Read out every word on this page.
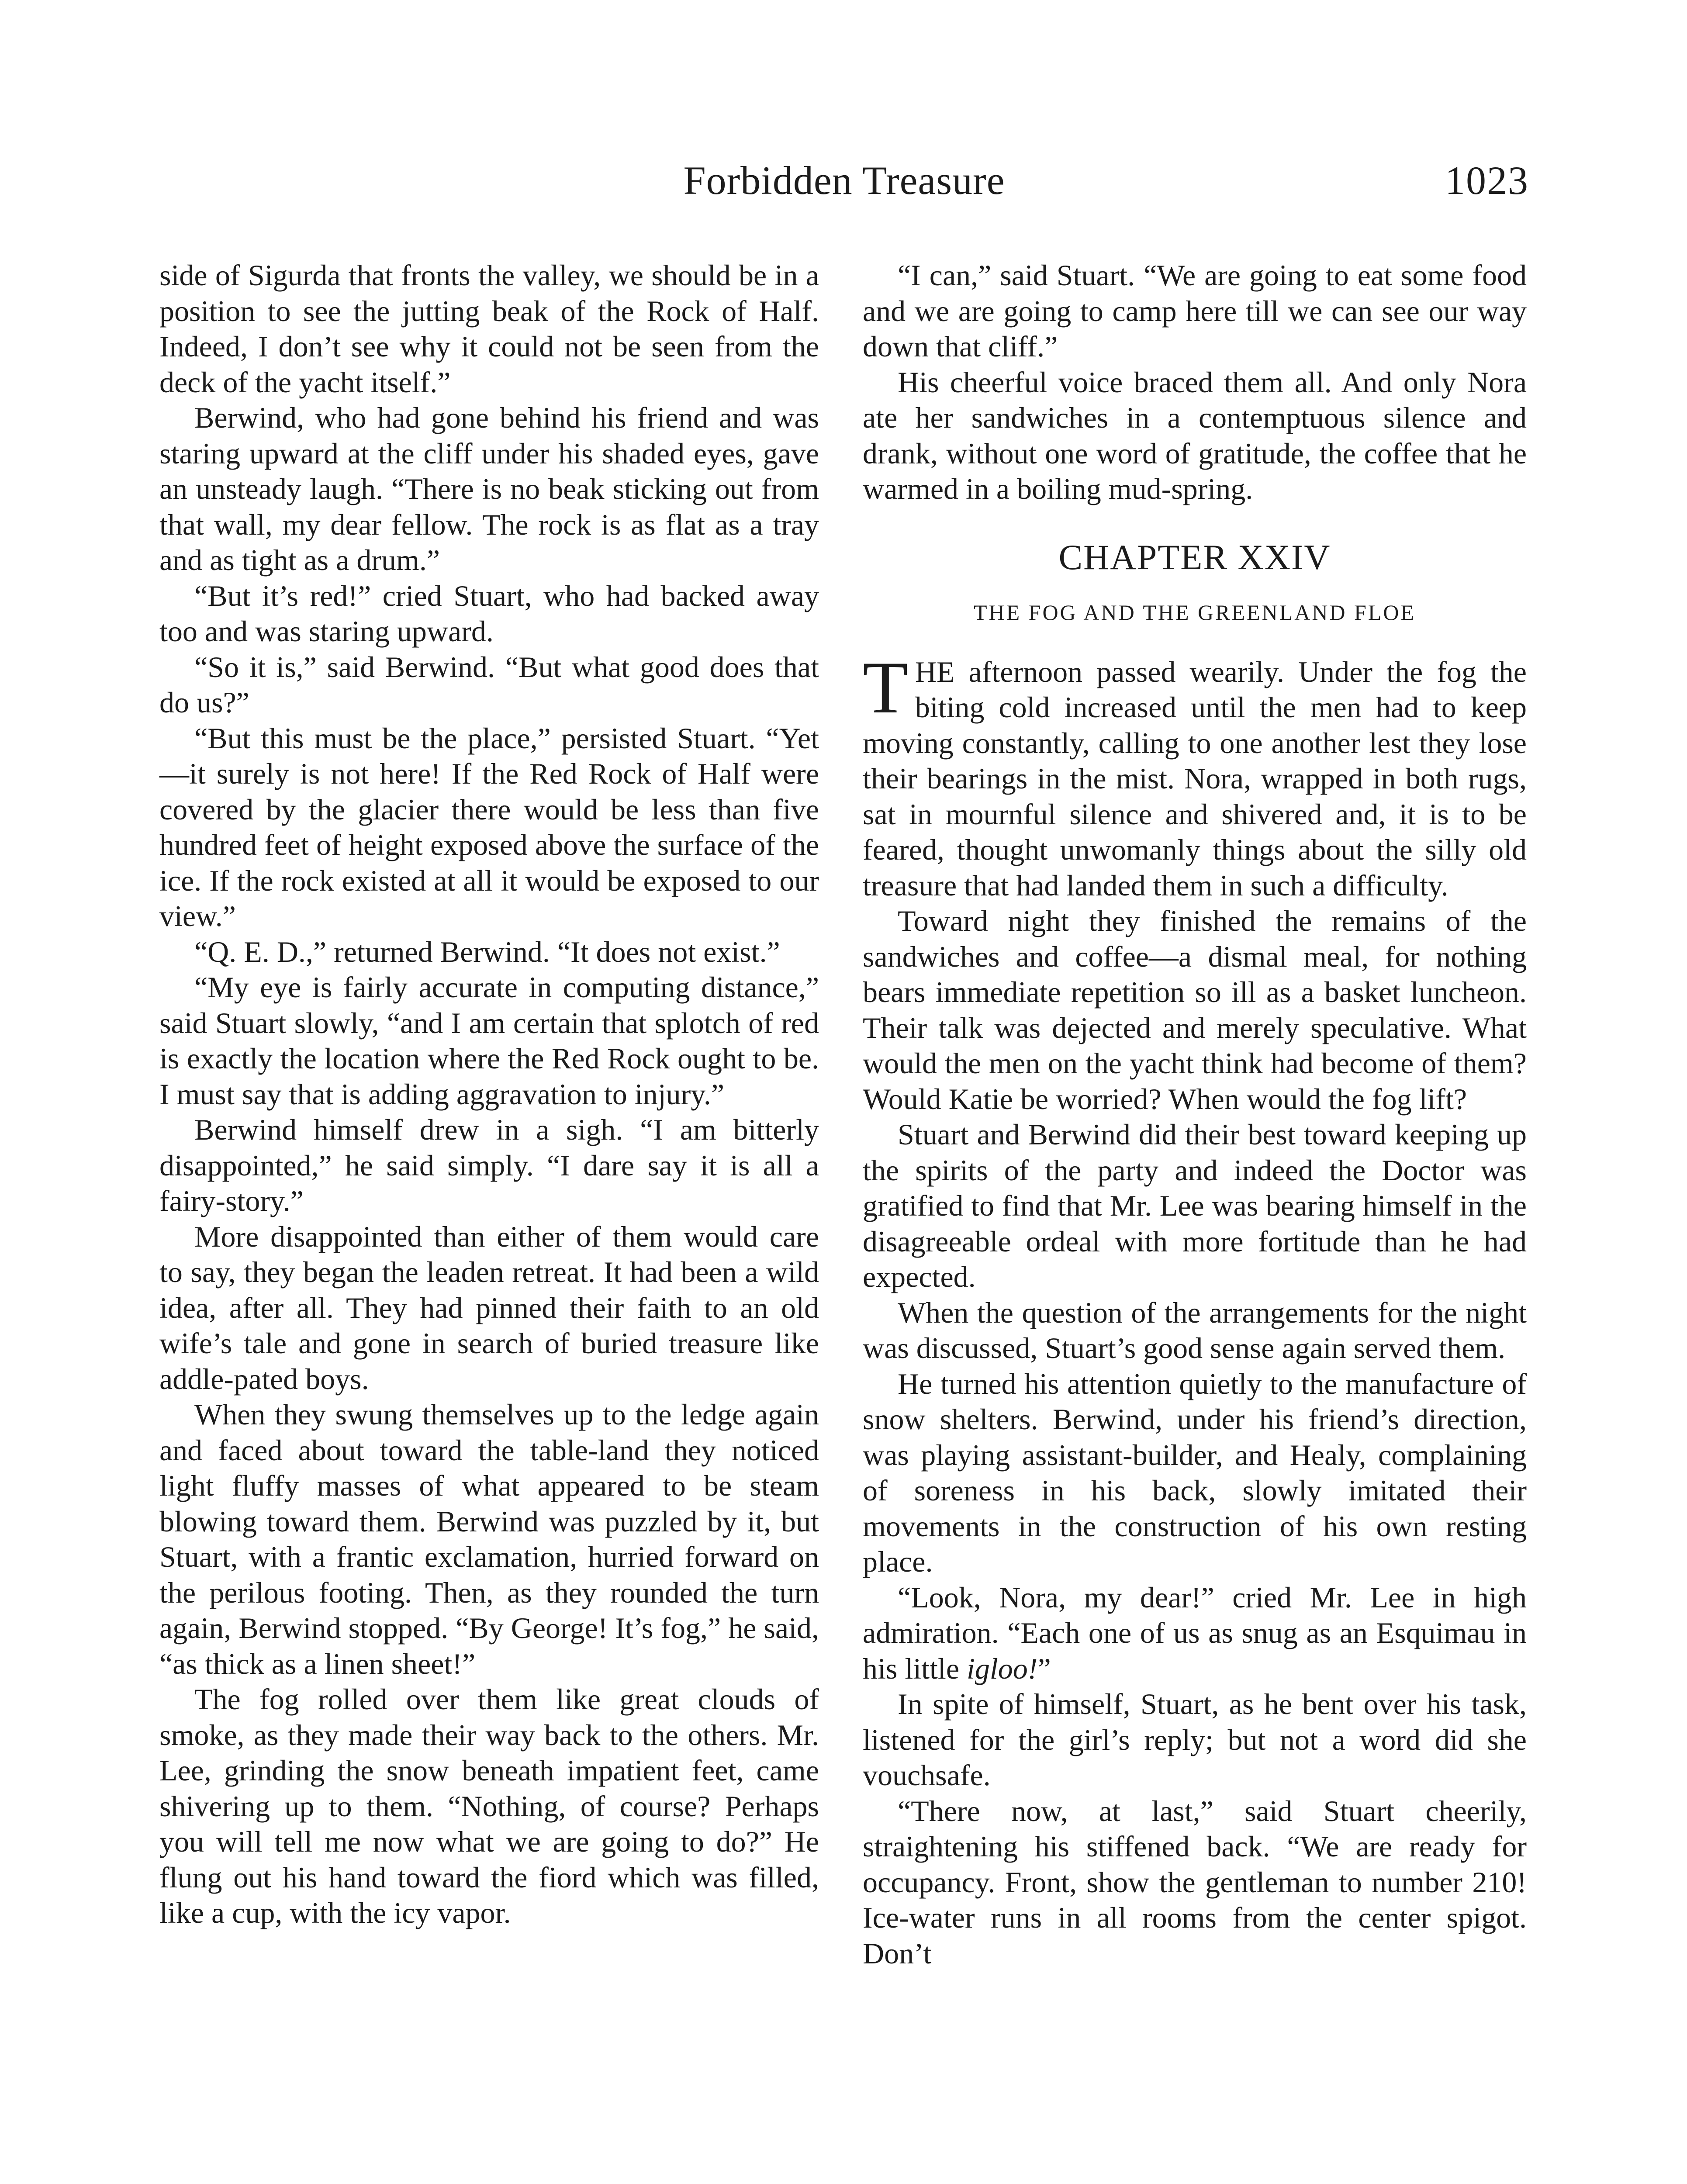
Forbidden Treasure	1023

side of Sigurda that fronts the valley, we should be in a position to see the jutting beak of the Rock of Half. Indeed, I don’t see why it could not be seen from the deck of the yacht itself.”

Berwind, who had gone behind his friend and was staring upward at the cliff under his shaded eyes, gave an unsteady laugh. “There is no beak sticking out from that wall, my dear fellow. The rock is as flat as a tray and as tight as a drum.”

“But it’s red!” cried Stuart, who had backed away too and was staring upward.

“So it is,” said Berwind. “But what good does that do us?”

“But this must be the place,” persisted Stuart. “Yet—it surely is not here! If the Red Rock of Half were covered by the glacier there would be less than five hundred feet of height exposed above the surface of the ice. If the rock existed at all it would be exposed to our view.”

“Q. E. D.,” returned Berwind. “It does not exist.”

“My eye is fairly accurate in computing distance,” said Stuart slowly, “and I am certain that splotch of red is exactly the location where the Red Rock ought to be. I must say that is adding aggravation to injury.”

Berwind himself drew in a sigh. “I am bitterly disappointed,” he said simply. “I dare say it is all a fairy-story.”

More disappointed than either of them would care to say, they began the leaden retreat. It had been a wild idea, after all. They had pinned their faith to an old wife’s tale and gone in search of buried treasure like addle-pated boys.

When they swung themselves up to the ledge again and faced about toward the table-land they noticed light fluffy masses of what appeared to be steam blowing toward them. Berwind was puzzled by it, but Stuart, with a frantic exclamation, hurried forward on the perilous footing. Then, as they rounded the turn again, Berwind stopped. “By George! It’s fog,” he said, “as thick as a linen sheet!”

The fog rolled over them like great clouds of smoke, as they made their way back to the others. Mr. Lee, grinding the snow beneath impatient feet, came shivering up to them. “Nothing, of course? Perhaps you will tell me now what we are going to do?” He flung out his hand toward the fiord which was filled, like a cup, with the icy vapor.

“I can,” said Stuart. “We are going to eat some food and we are going to camp here till we can see our way down that cliff.”

His cheerful voice braced them all. And only Nora ate her sandwiches in a contemptuous silence and drank, without one word of gratitude, the coffee that he warmed in a boiling mud-spring.

CHAPTER XXIV
THE FOG AND THE GREENLAND FLOE

THE afternoon passed wearily. Under the fog the biting cold increased until the men had to keep moving constantly, calling to one another lest they lose their bearings in the mist. Nora, wrapped in both rugs, sat in mournful silence and shivered and, it is to be feared, thought unwomanly things about the silly old treasure that had landed them in such a difficulty.

Toward night they finished the remains of the sandwiches and coffee—a dismal meal, for nothing bears immediate repetition so ill as a basket luncheon. Their talk was dejected and merely speculative. What would the men on the yacht think had become of them? Would Katie be worried? When would the fog lift?

Stuart and Berwind did their best toward keeping up the spirits of the party and indeed the Doctor was gratified to find that Mr. Lee was bearing himself in the disagreeable ordeal with more fortitude than he had expected.

When the question of the arrangements for the night was discussed, Stuart’s good sense again served them.

He turned his attention quietly to the manufacture of snow shelters. Berwind, under his friend’s direction, was playing assistant-builder, and Healy, complaining of soreness in his back, slowly imitated their movements in the construction of his own resting place.

“Look, Nora, my dear!” cried Mr. Lee in high admiration. “Each one of us as snug as an Esquimau in his little igloo!”

In spite of himself, Stuart, as he bent over his task, listened for the girl’s reply; but not a word did she vouchsafe.

“There now, at last,” said Stuart cheerily, straightening his stiffened back. “We are ready for occupancy. Front, show the gentleman to number 210! Ice-water runs in all rooms from the center spigot. Don’t
